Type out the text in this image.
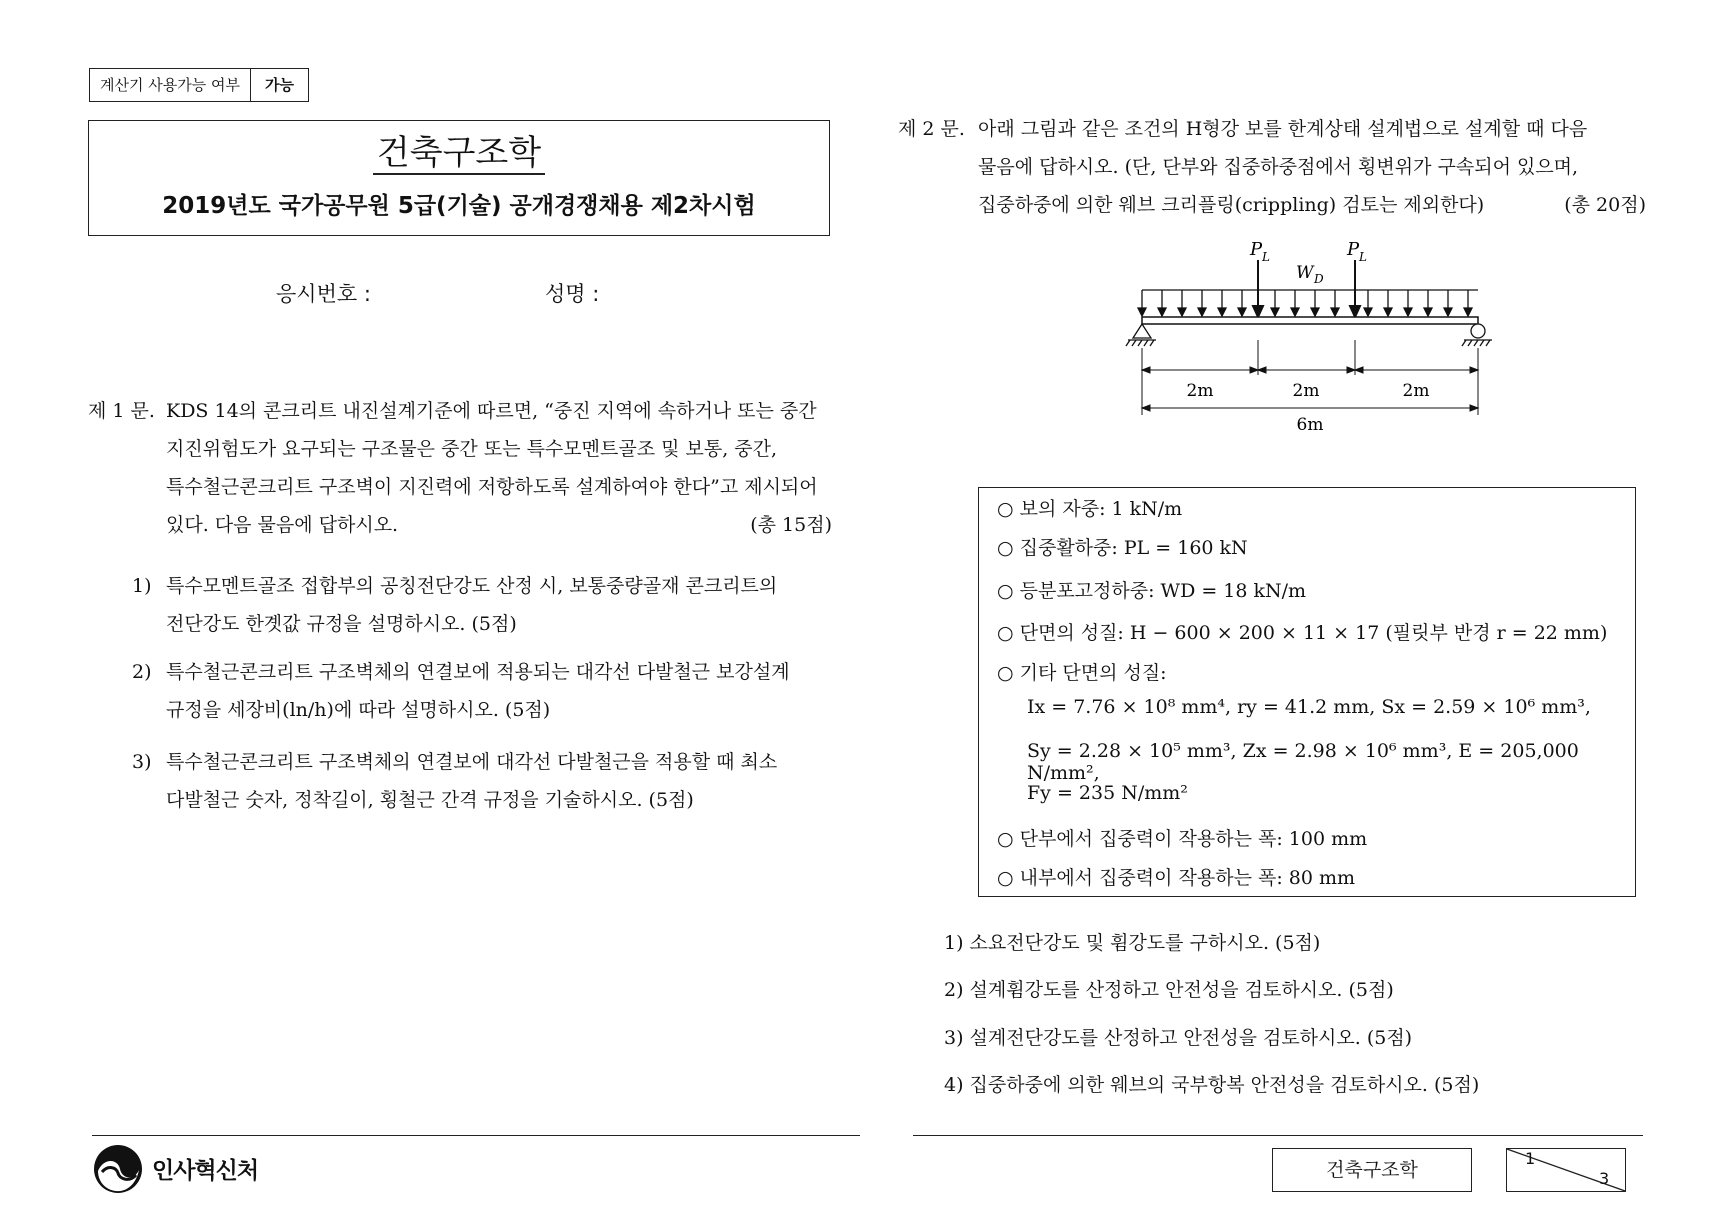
계산기 사용가능 여부	가능
건축구조학
2019년도 국가공무원 5급(기술) 공개경쟁채용 제2차시험
응시번호 :	성명 :
제 1 문. KDS 14의 콘크리트 내진설계기준에 따르면, “중진 지역에 속하거나 또는 중간
지진위험도가 요구되는 구조물은 중간 또는 특수모멘트골조 및 보통, 중간,
특수철근콘크리트 구조벽이 지진력에 저항하도록 설계하여야 한다”고 제시되어
있다. 다음 물음에 답하시오.	(총 15점)
1) 특수모멘트골조 접합부의 공칭전단강도 산정 시, 보통중량골재 콘크리트의
전단강도 한곗값 규정을 설명하시오. (5점)
2) 특수철근콘크리트 구조벽체의 연결보에 적용되는 대각선 다발철근 보강설계
규정을 세장비(ln/h)에 따라 설명하시오. (5점)
3) 특수철근콘크리트 구조벽체의 연결보에 대각선 다발철근을 적용할 때 최소
다발철근 숫자, 정착길이, 횡철근 간격 규정을 기술하시오. (5점)
제 2 문. 아래 그림과 같은 조건의 H형강 보를 한계상태 설계법으로 설계할 때 다음
물음에 답하시오. (단, 단부와 집중하중점에서 횡변위가 구속되어 있으며,
집중하중에 의한 웨브 크리플링(crippling) 검토는 제외한다)	(총 20점)
P L	P L
W D
2m	2m	2m
6m
○ 보의 자중: 1 kN/m
○ 집중활하중: PL = 160 kN
○ 등분포고정하중: WD = 18 kN/m
○ 단면의 성질: H − 600 × 200 × 11 × 17 (필릿부 반경 r = 22 mm)
○ 기타 단면의 성질:
Ix = 7.76 × 10⁸ mm⁴, ry = 41.2 mm, Sx = 2.59 × 10⁶ mm³,
Sy = 2.28 × 10⁵ mm³, Zx = 2.98 × 10⁶ mm³, E = 205,000 N/mm²,
Fy = 235 N/mm²
○ 단부에서 집중력이 작용하는 폭: 100 mm
○ 내부에서 집중력이 작용하는 폭: 80 mm
1) 소요전단강도 및 휨강도를 구하시오. (5점)
2) 설계휨강도를 산정하고 안전성을 검토하시오. (5점)
3) 설계전단강도를 산정하고 안전성을 검토하시오. (5점)
4) 집중하중에 의한 웨브의 국부항복 안전성을 검토하시오. (5점)
인사혁신처	건축구조학
1
3
